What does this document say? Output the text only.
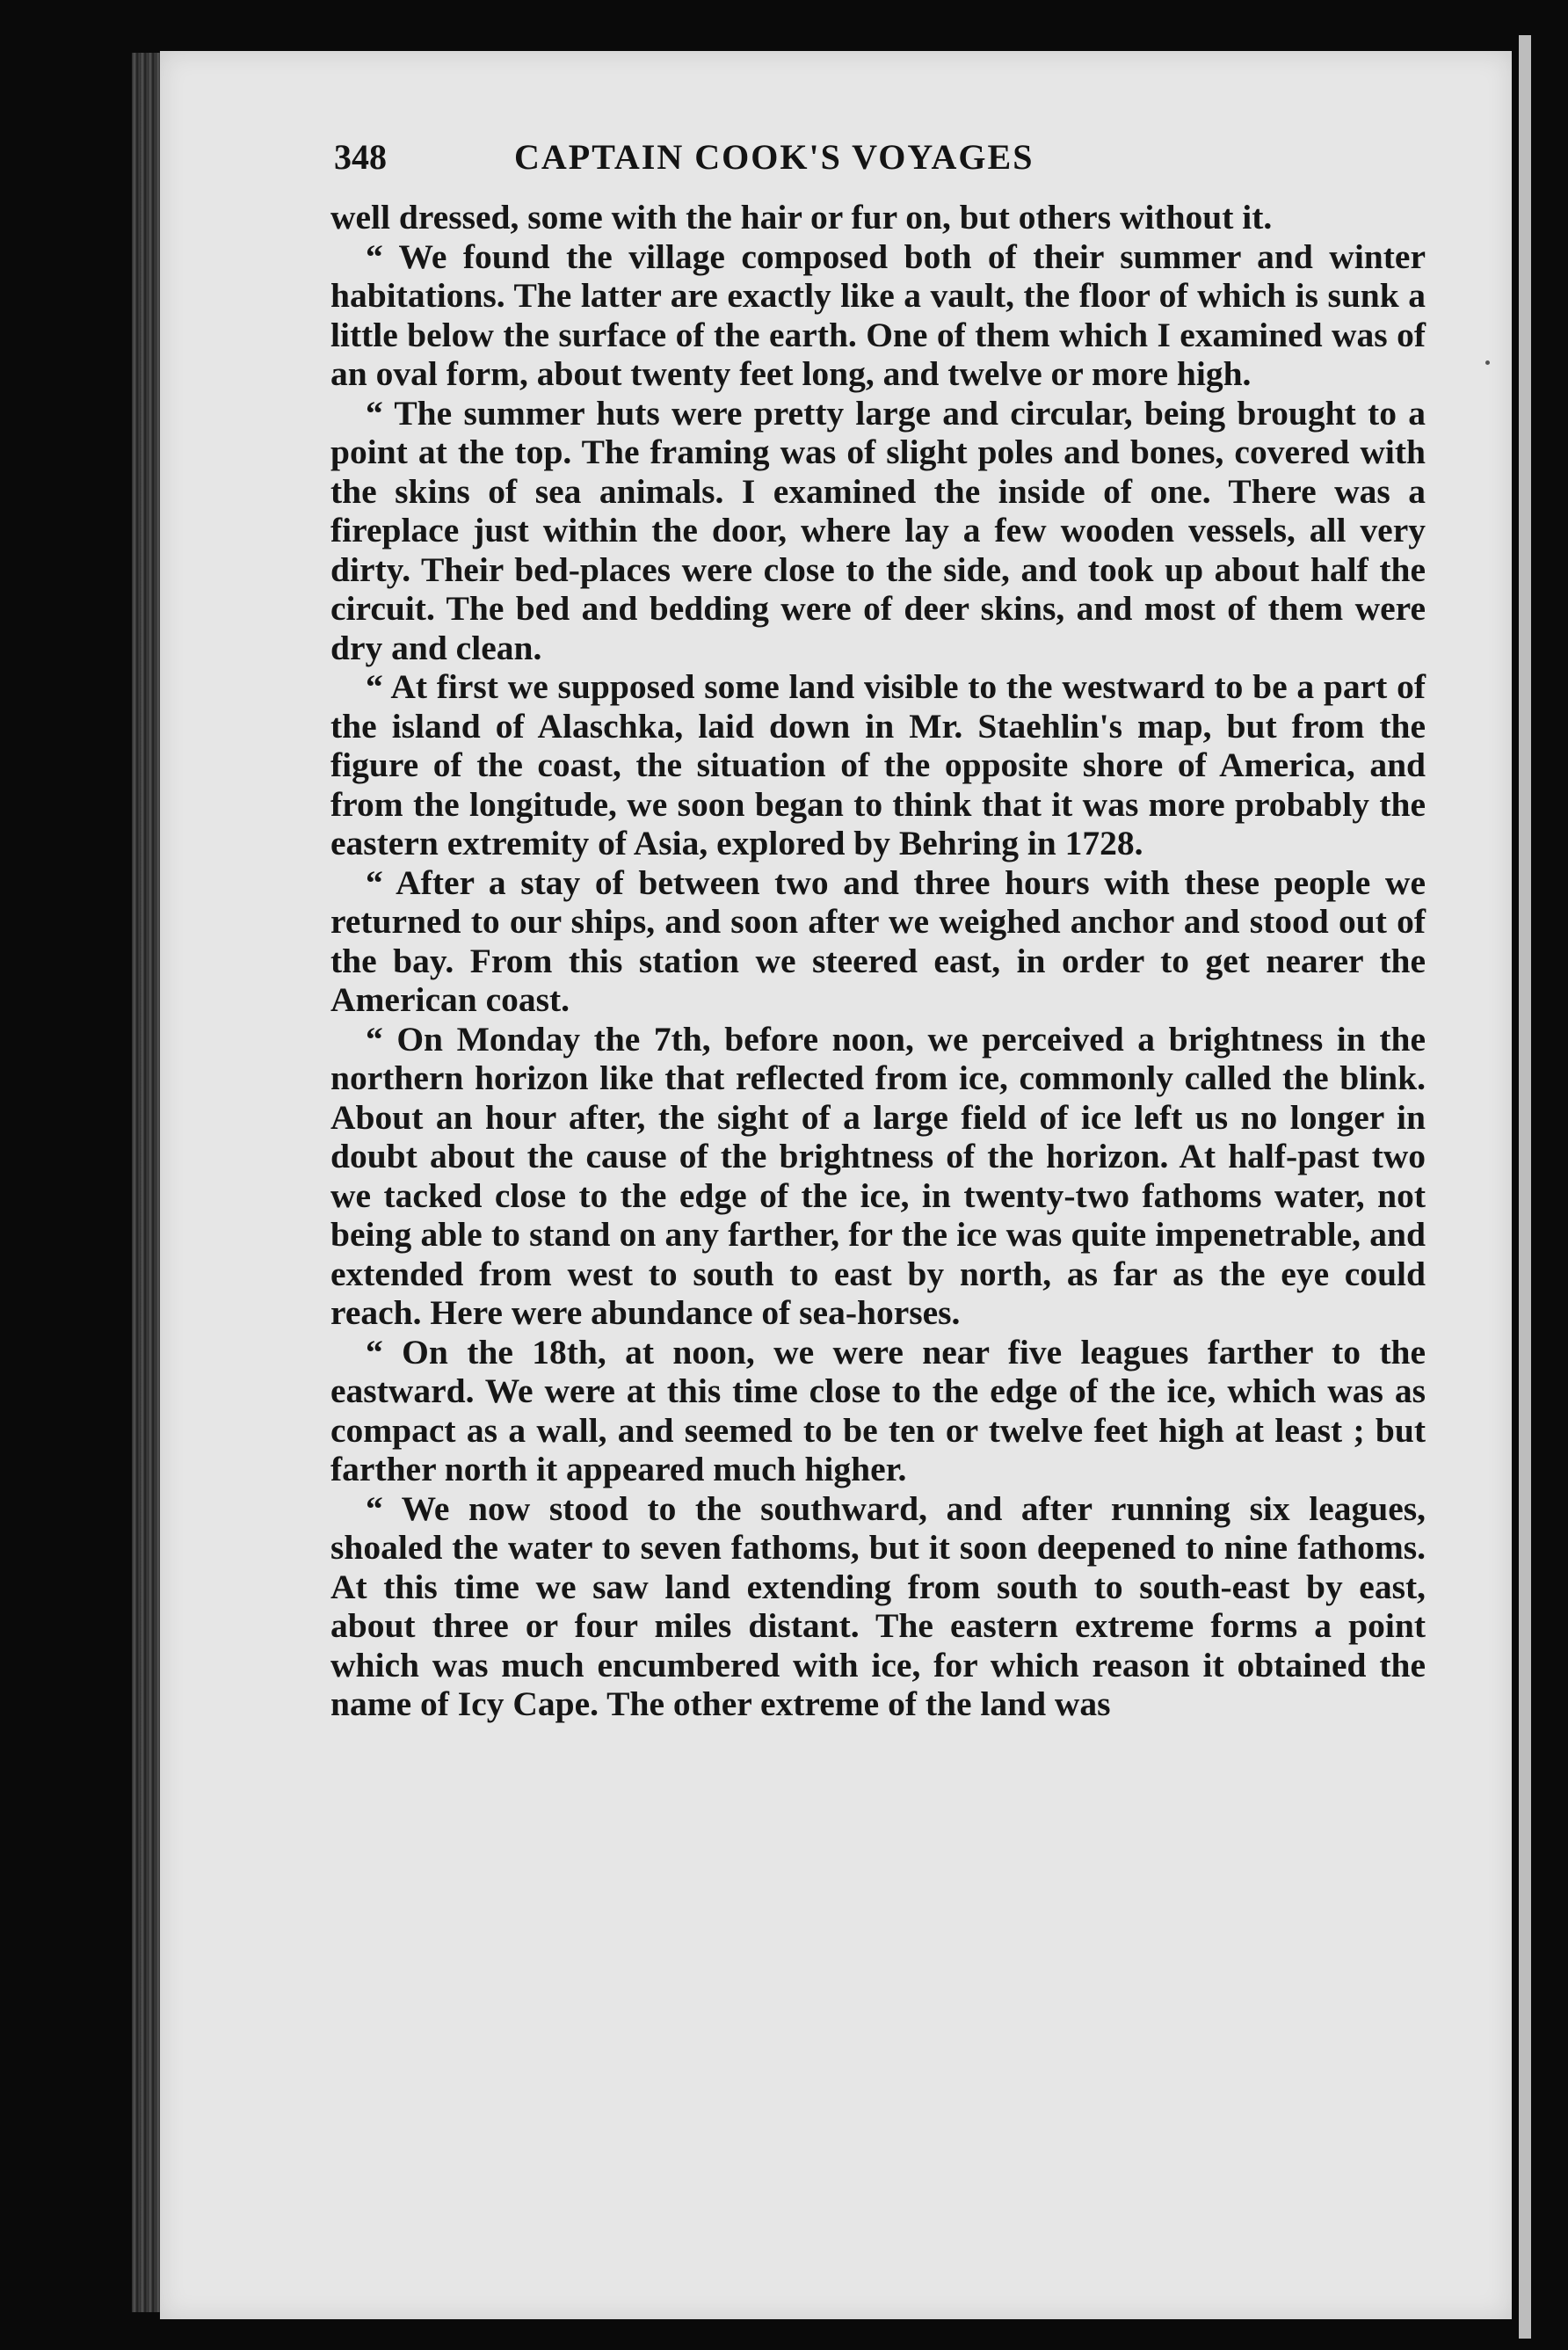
348	CAPTAIN COOK'S VOYAGES

well dressed, some with the hair or fur on, but others without it.

“ We found the village composed both of their summer and winter habitations. The latter are exactly like a vault, the floor of which is sunk a little below the surface of the earth. One of them which I examined was of an oval form, about twenty feet long, and twelve or more high.

“ The summer huts were pretty large and circular, being brought to a point at the top. The framing was of slight poles and bones, covered with the skins of sea animals. I examined the inside of one. There was a fireplace just within the door, where lay a few wooden vessels, all very dirty. Their bed-places were close to the side, and took up about half the circuit. The bed and bedding were of deer skins, and most of them were dry and clean.

“ At first we supposed some land visible to the westward to be a part of the island of Alaschka, laid down in Mr. Staehlin's map, but from the figure of the coast, the situation of the opposite shore of America, and from the longitude, we soon began to think that it was more probably the eastern extremity of Asia, explored by Behring in 1728.

“ After a stay of between two and three hours with these people we returned to our ships, and soon after we weighed anchor and stood out of the bay. From this station we steered east, in order to get nearer the American coast.

“ On Monday the 7th, before noon, we perceived a brightness in the northern horizon like that reflected from ice, commonly called the blink. About an hour after, the sight of a large field of ice left us no longer in doubt about the cause of the brightness of the horizon. At half-past two we tacked close to the edge of the ice, in twenty-two fathoms water, not being able to stand on any farther, for the ice was quite impenetrable, and extended from west to south to east by north, as far as the eye could reach. Here were abundance of sea-horses.

“ On the 18th, at noon, we were near five leagues farther to the eastward. We were at this time close to the edge of the ice, which was as compact as a wall, and seemed to be ten or twelve feet high at least ; but farther north it appeared much higher.

“ We now stood to the southward, and after running six leagues, shoaled the water to seven fathoms, but it soon deepened to nine fathoms. At this time we saw land extending from south to south-east by east, about three or four miles distant. The eastern extreme forms a point which was much encumbered with ice, for which reason it obtained the name of Icy Cape. The other extreme of the land was
